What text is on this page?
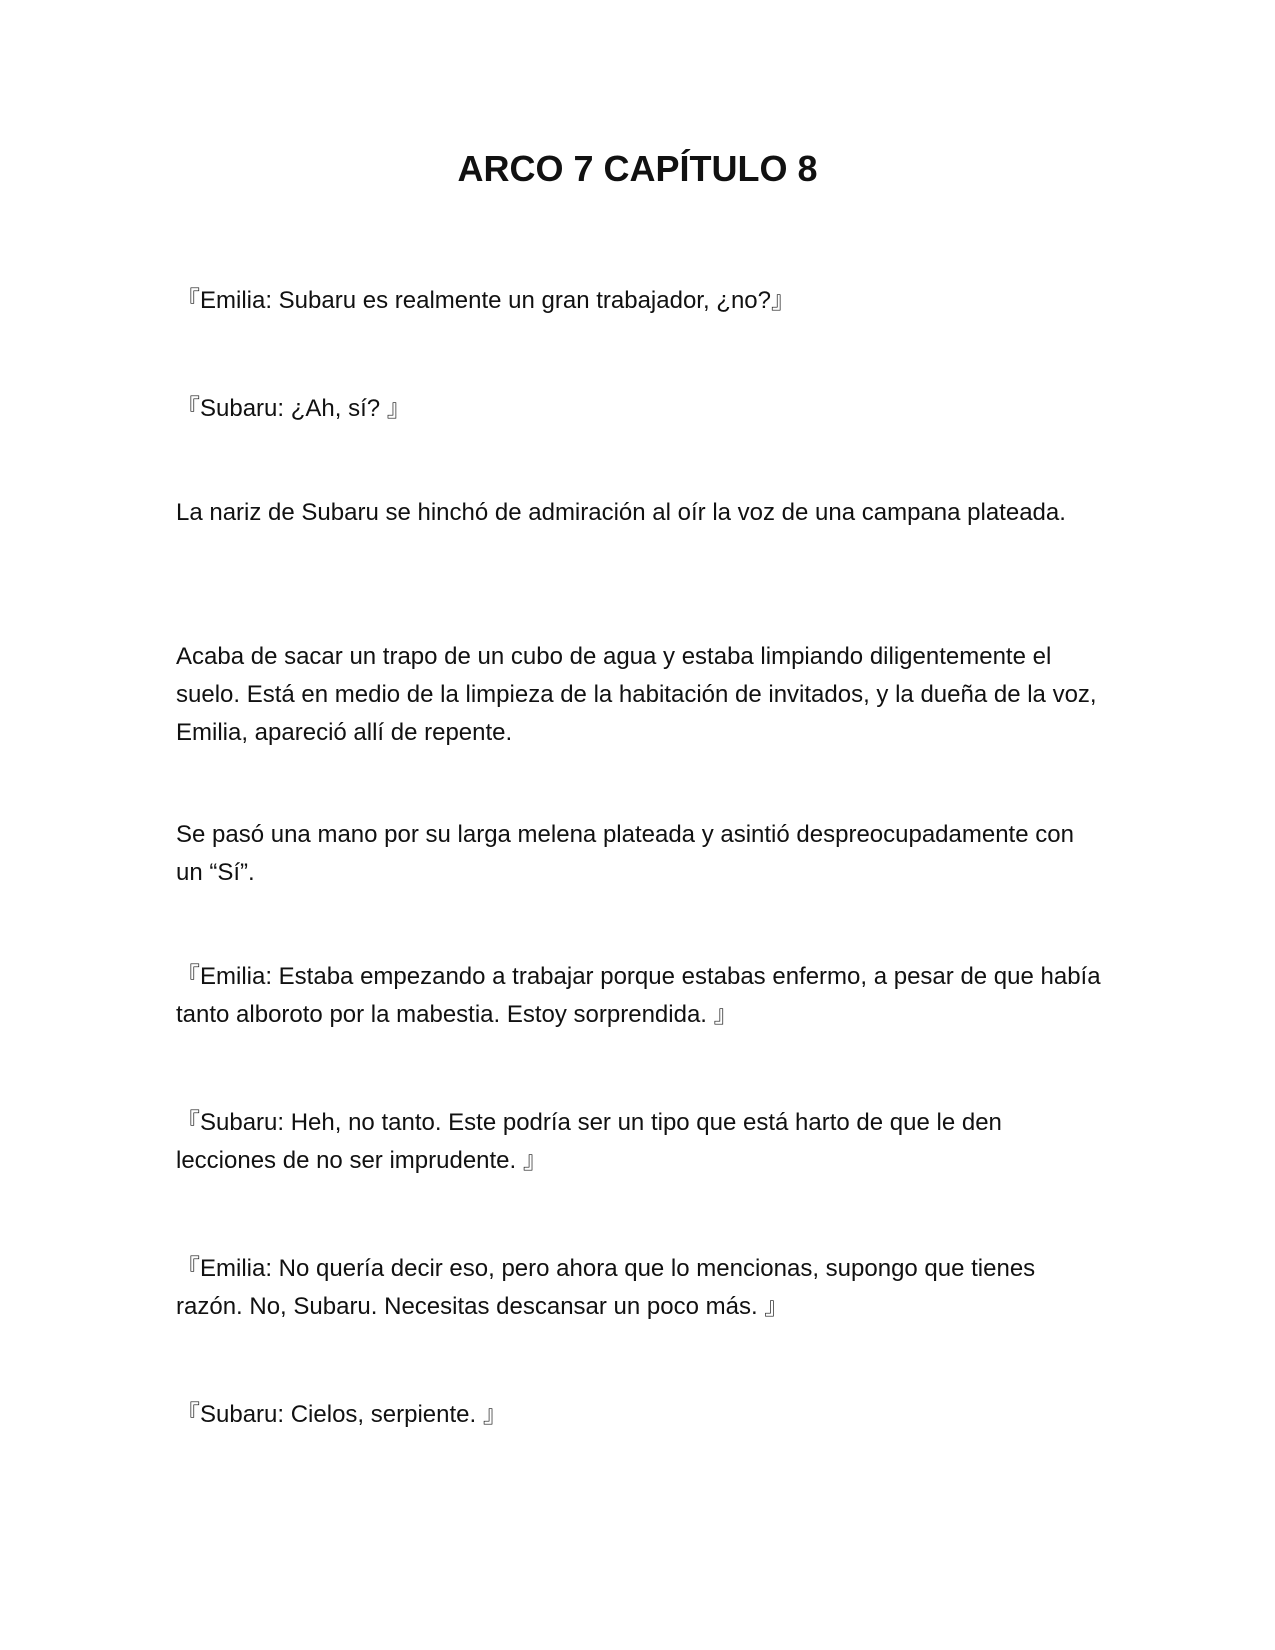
ARCO 7 CAPÍTULO 8

『Emilia: Subaru es realmente un gran trabajador, ¿no?』

『Subaru: ¿Ah, sí? 』

La nariz de Subaru se hinchó de admiración al oír la voz de una campana plateada.

Acaba de sacar un trapo de un cubo de agua y estaba limpiando diligentemente el suelo. Está en medio de la limpieza de la habitación de invitados, y la dueña de la voz, Emilia, apareció allí de repente.

Se pasó una mano por su larga melena plateada y asintió despreocupadamente con un “Sí”.

『Emilia: Estaba empezando a trabajar porque estabas enfermo, a pesar de que había tanto alboroto por la mabestia. Estoy sorprendida. 』

『Subaru: Heh, no tanto. Este podría ser un tipo que está harto de que le den lecciones de no ser imprudente. 』

『Emilia: No quería decir eso, pero ahora que lo mencionas, supongo que tienes razón. No, Subaru. Necesitas descansar un poco más. 』

『Subaru: Cielos, serpiente. 』
